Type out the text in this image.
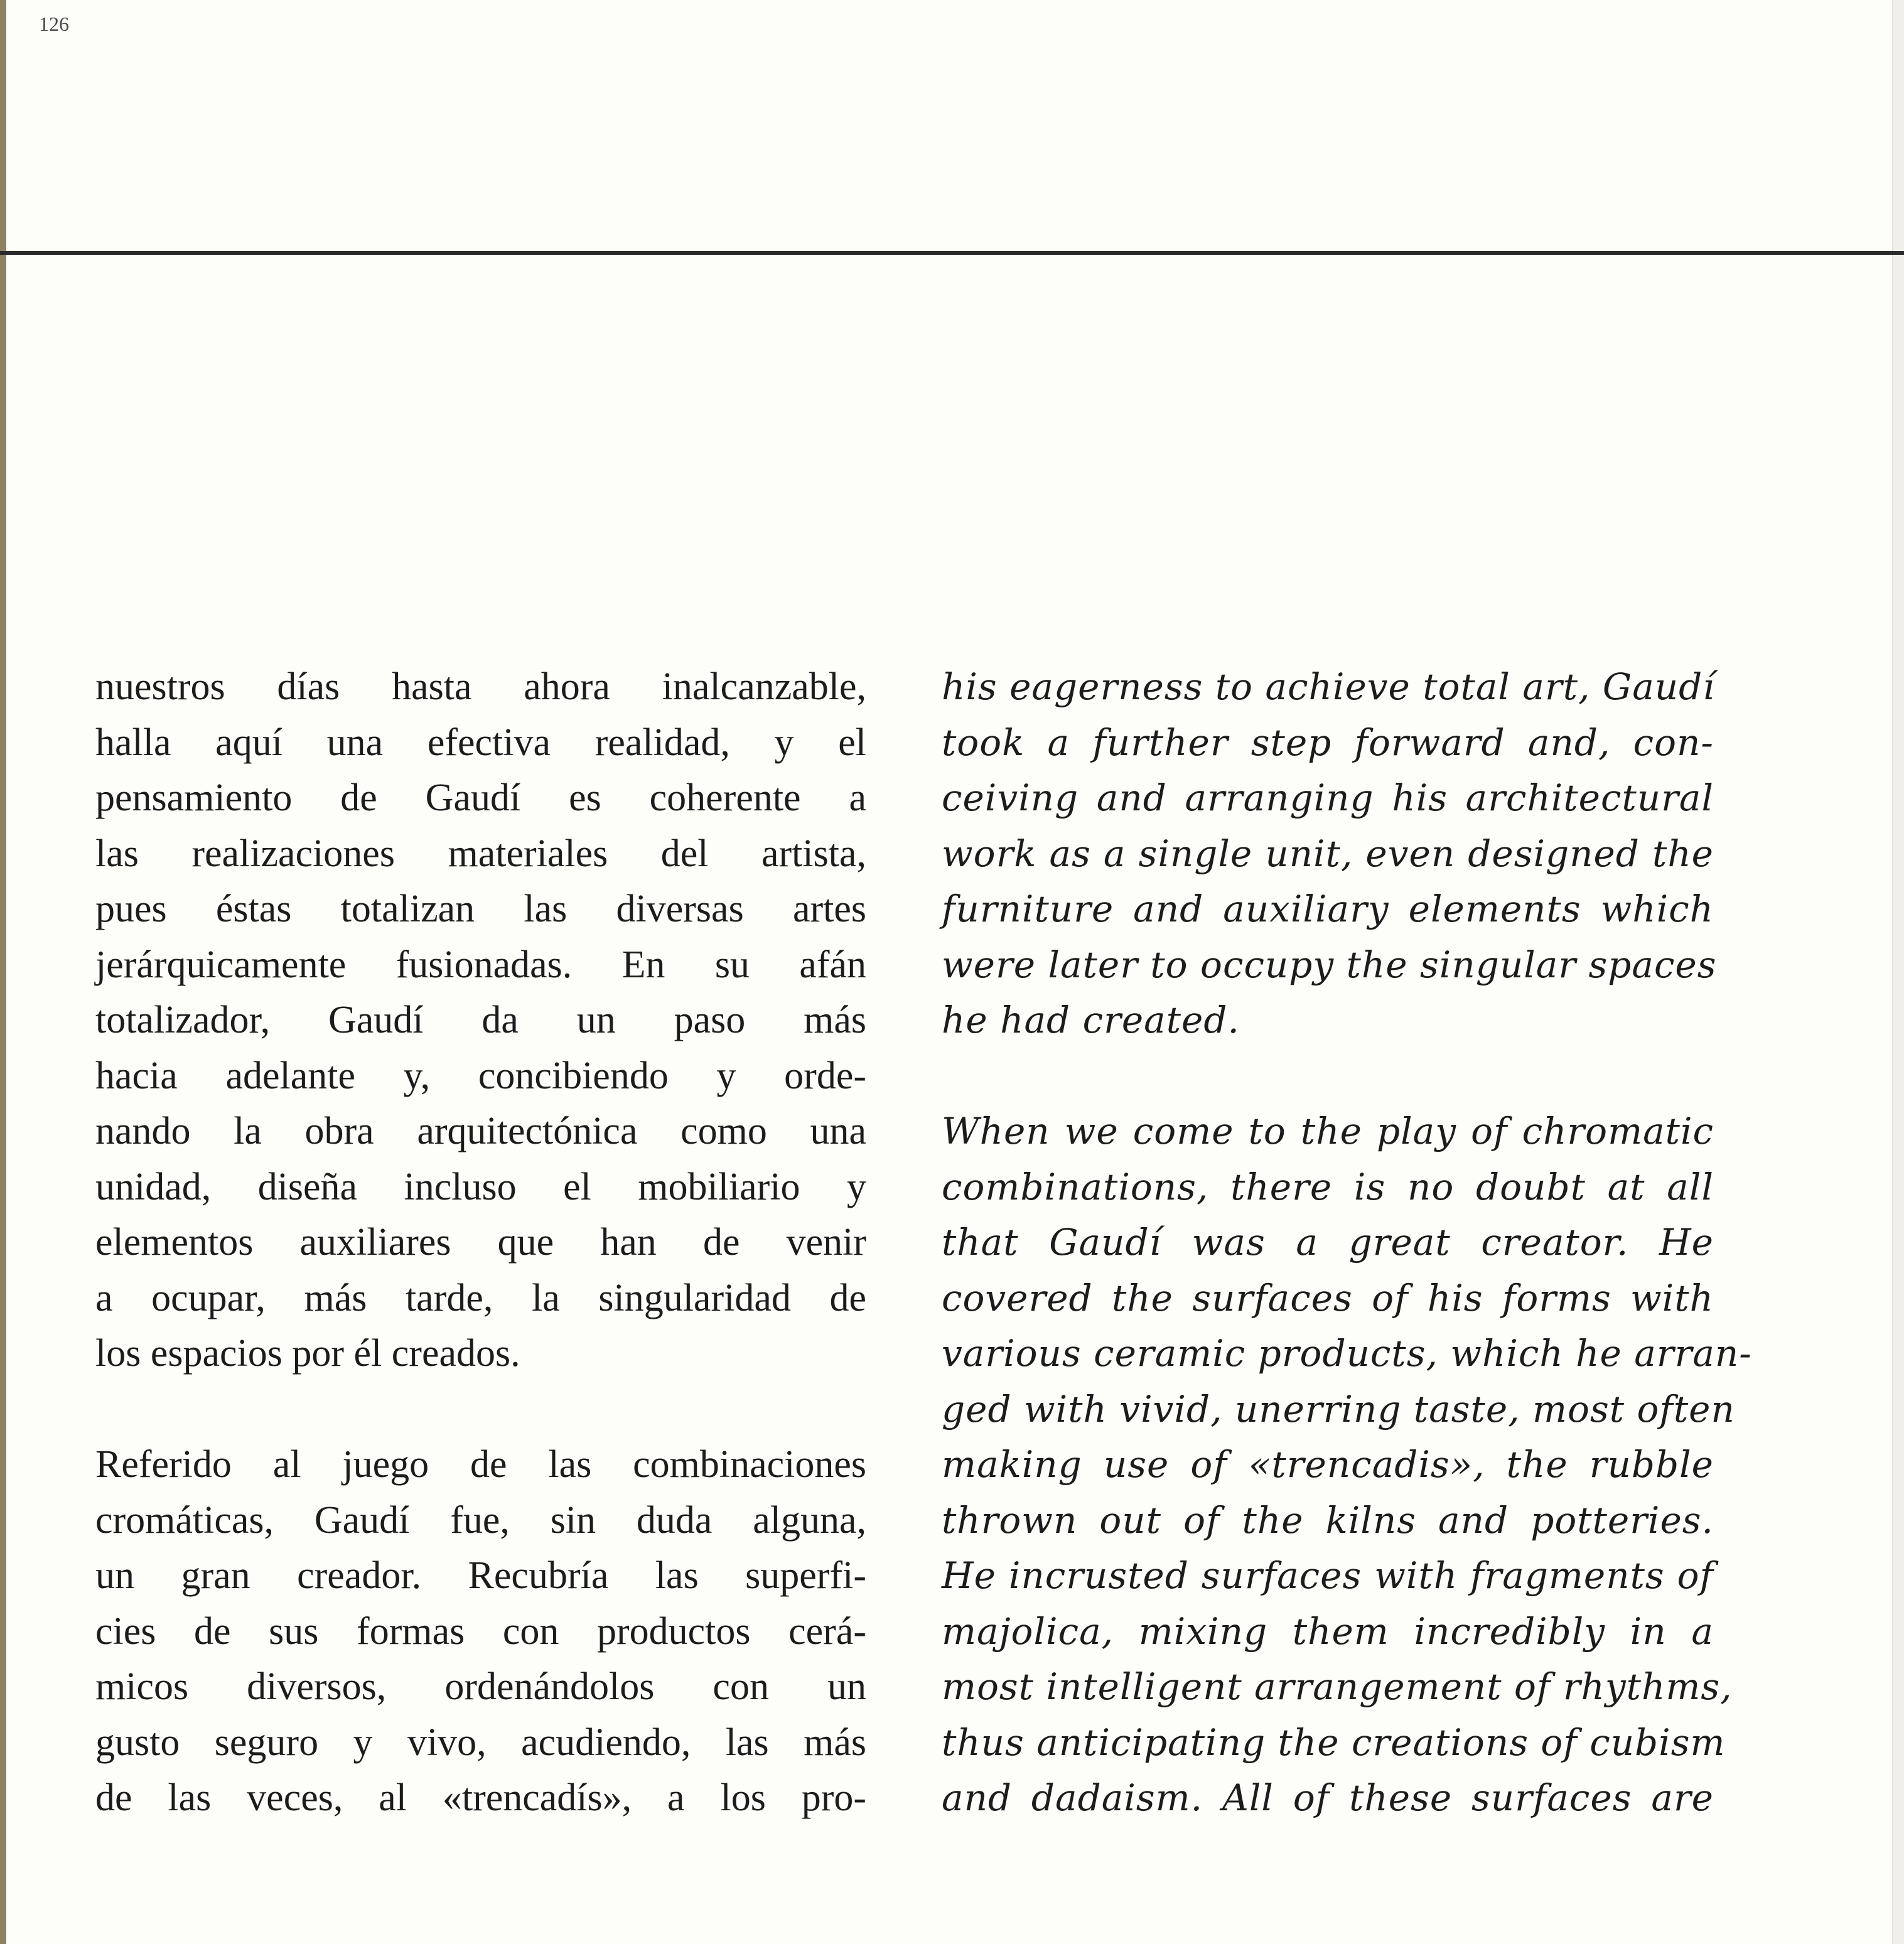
126
nuestros días hasta ahora inalcanzable,
halla aquí una efectiva realidad, y el
pensamiento de Gaudí es coherente a
las realizaciones materiales del artista,
pues éstas totalizan las diversas artes
jerárquicamente fusionadas. En su afán
totalizador, Gaudí da un paso más
hacia adelante y, concibiendo y orde-
nando la obra arquitectónica como una
unidad, diseña incluso el mobiliario y
elementos auxiliares que han de venir
a ocupar, más tarde, la singularidad de
los espacios por él creados.
Referido al juego de las combinaciones
cromáticas, Gaudí fue, sin duda alguna,
un gran creador. Recubría las superfi-
cies de sus formas con productos cerá-
micos diversos, ordenándolos con un
gusto seguro y vivo, acudiendo, las más
de las veces, al «trencadís», a los pro-
his eagerness to achieve total art, Gaudí
took a further step forward and, con-
ceiving and arranging his architectural
work as a single unit, even designed the
furniture and auxiliary elements which
were later to occupy the singular spaces
he had created.
When we come to the play of chromatic
combinations, there is no doubt at all
that Gaudí was a great creator. He
covered the surfaces of his forms with
various ceramic products, which he arran-
ged with vivid, unerring taste, most often
making use of «trencadis», the rubble
thrown out of the kilns and potteries.
He incrusted surfaces with fragments of
majolica, mixing them incredibly in a
most intelligent arrangement of rhythms,
thus anticipating the creations of cubism
and dadaism. All of these surfaces are
